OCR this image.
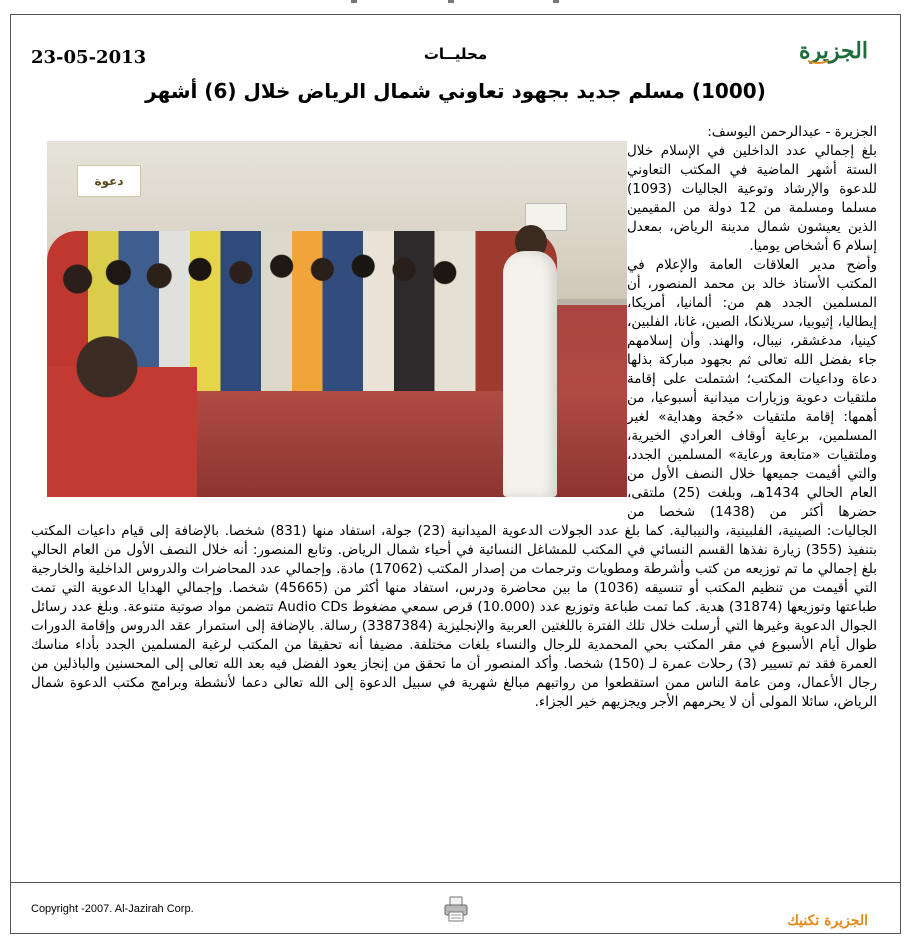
23-05-2013	محليــات	الجزيرة
(1000) مسلم جديد بجهود تعاوني شمال الرياض خلال (6) أشهر
دعوة

الجزيرة - عبدالرحمن اليوسف:

بلغ إجمالي عدد الداخلين في الإسلام خلال الستة أشهر الماضية في المكتب التعاوني للدعوة والإرشاد وتوعية الجاليات (1093) مسلما ومسلمة من 12 دولة من المقيمين الذين يعيشون شمال مدينة الرياض، بمعدل إسلام 6 أشخاص يوميا.

وأضح مدير العلاقات العامة والإعلام في المكتب الأستاذ خالد بن محمد المنصور، أن المسلمين الجدد هم من: ألمانيا، أمريكا، إيطاليا، إثيوبيا، سريلانكا، الصين، غانا، الفلبين، كينيا، مدغشقر، نيبال، والهند. وأن إسلامهم جاء بفضل الله تعالى ثم بجهود مباركة بذلها دعاة وداعيات المكتب؛ اشتملت على إقامة ملتقيات دعوية وزيارات ميدانية أسبوعيا، من أهمها: إقامة ملتقيات «حُجة وهداية» لغير المسلمين، برعاية أوقاف العرادي الخيرية، وملتقيات «متابعة ورعاية» المسلمين الجدد، والتي أقيمت جميعها خلال النصف الأول من العام الحالي 1434هـ، وبلغت (25) ملتقى، حضرها أكثر من (1438) شخصا من الجاليات: الصينية، الفلبينية، والنيبالية. كما بلغ عدد الجولات الدعوية الميدانية (23) جولة، استفاد منها (831) شخصا. بالإضافة إلى قيام داعيات المكتب بتنفيذ (355) زيارة نفذها القسم النسائي في المكتب للمشاغل النسائية في أحياء شمال الرياض. وتابع المنصور: أنه خلال النصف الأول من العام الحالي بلغ إجمالي ما تم توزيعه من كتب وأشرطة ومطويات وترجمات من إصدار المكتب (17062) مادة. وإجمالي عدد المحاضرات والدروس الداخلية والخارجية التي أقيمت من تنظيم المكتب أو تنسيقه (1036) ما بين محاضرة ودرس، استفاد منها أكثر من (45665) شخصا. وإجمالي الهدايا الدعوية التي تمت طباعتها وتوزيعها (31874) هدية. كما تمت طباعة وتوزيع عدد (10.000) قرص سمعي مضغوط Audio CDs تتضمن مواد صوتية متنوعة. وبلغ عدد رسائل الجوال الدعوية وغيرها التي أرسلت خلال تلك الفترة باللغتين العربية والإنجليزية (3387384) رسالة. بالإضافة إلى استمرار عقد الدروس وإقامة الدورات طوال أيام الأسبوع في مقر المكتب بحي المحمدية للرجال والنساء بلغات مختلفة. مضيفا أنه تحقيقا من المكتب لرغبة المسلمين الجدد بأداء مناسك العمرة فقد تم تسيير (3) رحلات عمرة لـ (150) شخصا. وأكد المنصور أن ما تحقق من إنجاز يعود الفضل فيه بعد الله تعالى إلى المحسنين والباذلين من رجال الأعمال، ومن عامة الناس ممن استقطعوا من رواتبهم مبالغ شهرية في سبيل الدعوة إلى الله تعالى دعما لأنشطة وبرامج مكتب الدعوة شمال الرياض، سائلا المولى أن لا يحرمهم الأجر ويجزيهم خير الجزاء.

Copyright -2007. Al-Jazirah Corp.
الجزيرة تكنيك
